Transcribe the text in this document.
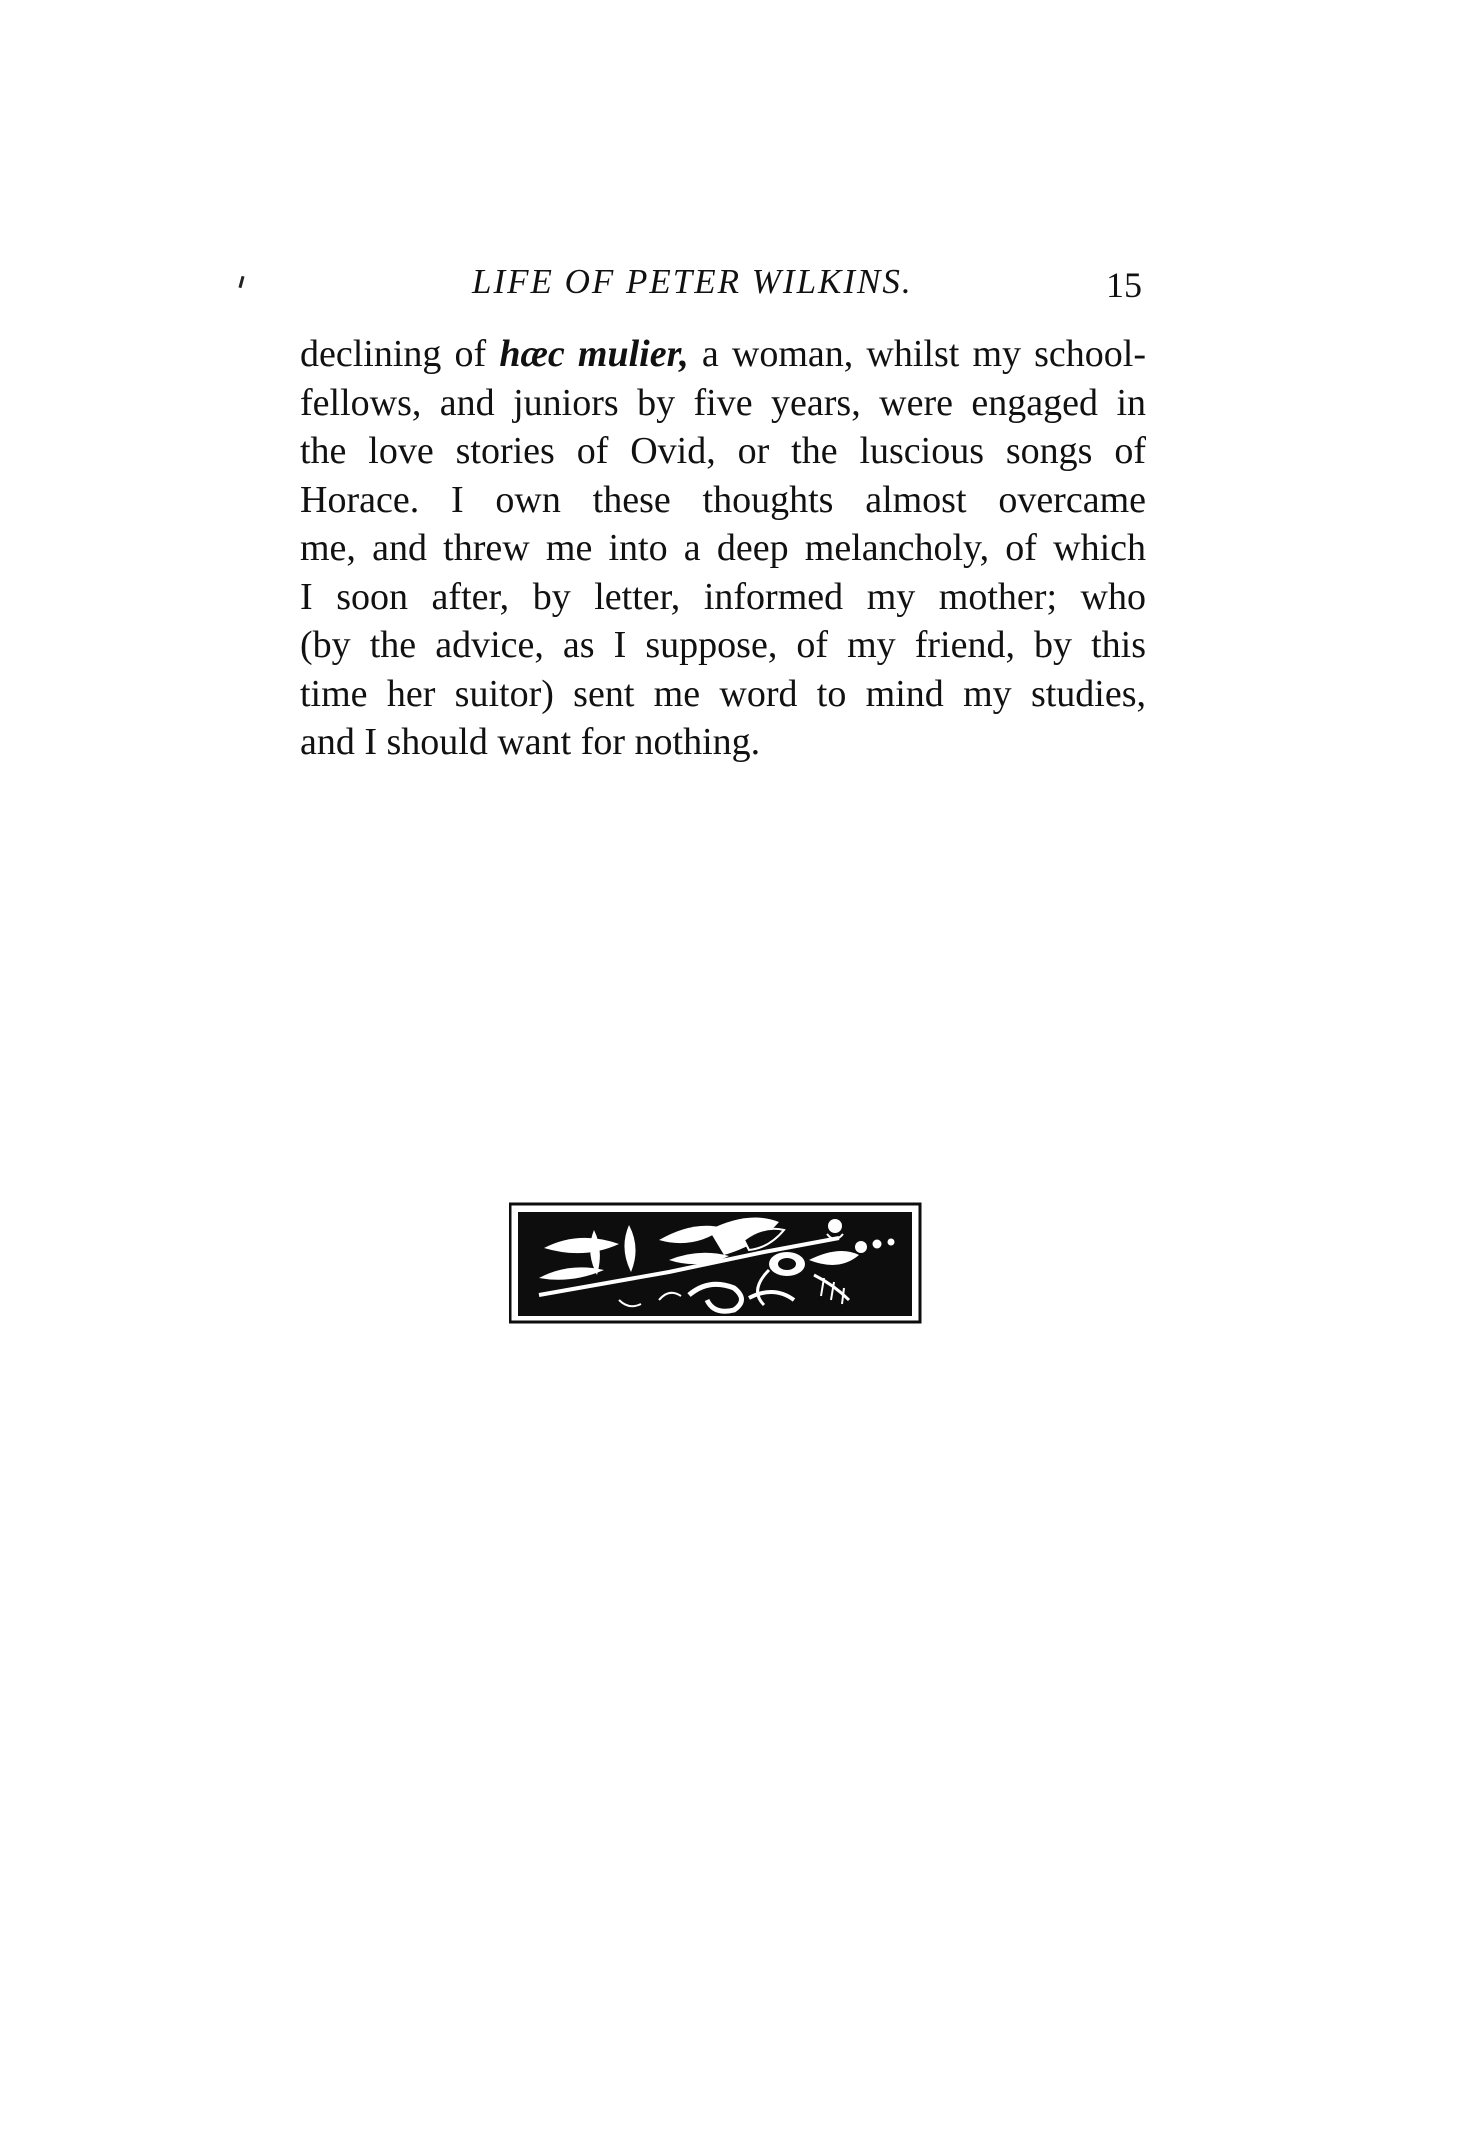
LIFE OF PETER WILKINS.	15
declining of hæc mulier, a woman, whilst my school-
fellows, and juniors by five years, were engaged in
the love stories of Ovid, or the luscious songs of
Horace. I own these thoughts almost overcame
me, and threw me into a deep melancholy, of which
I soon after, by letter, informed my mother; who
(by the advice, as I suppose, of my friend, by this
time her suitor) sent me word to mind my studies,
and I should want for nothing.
